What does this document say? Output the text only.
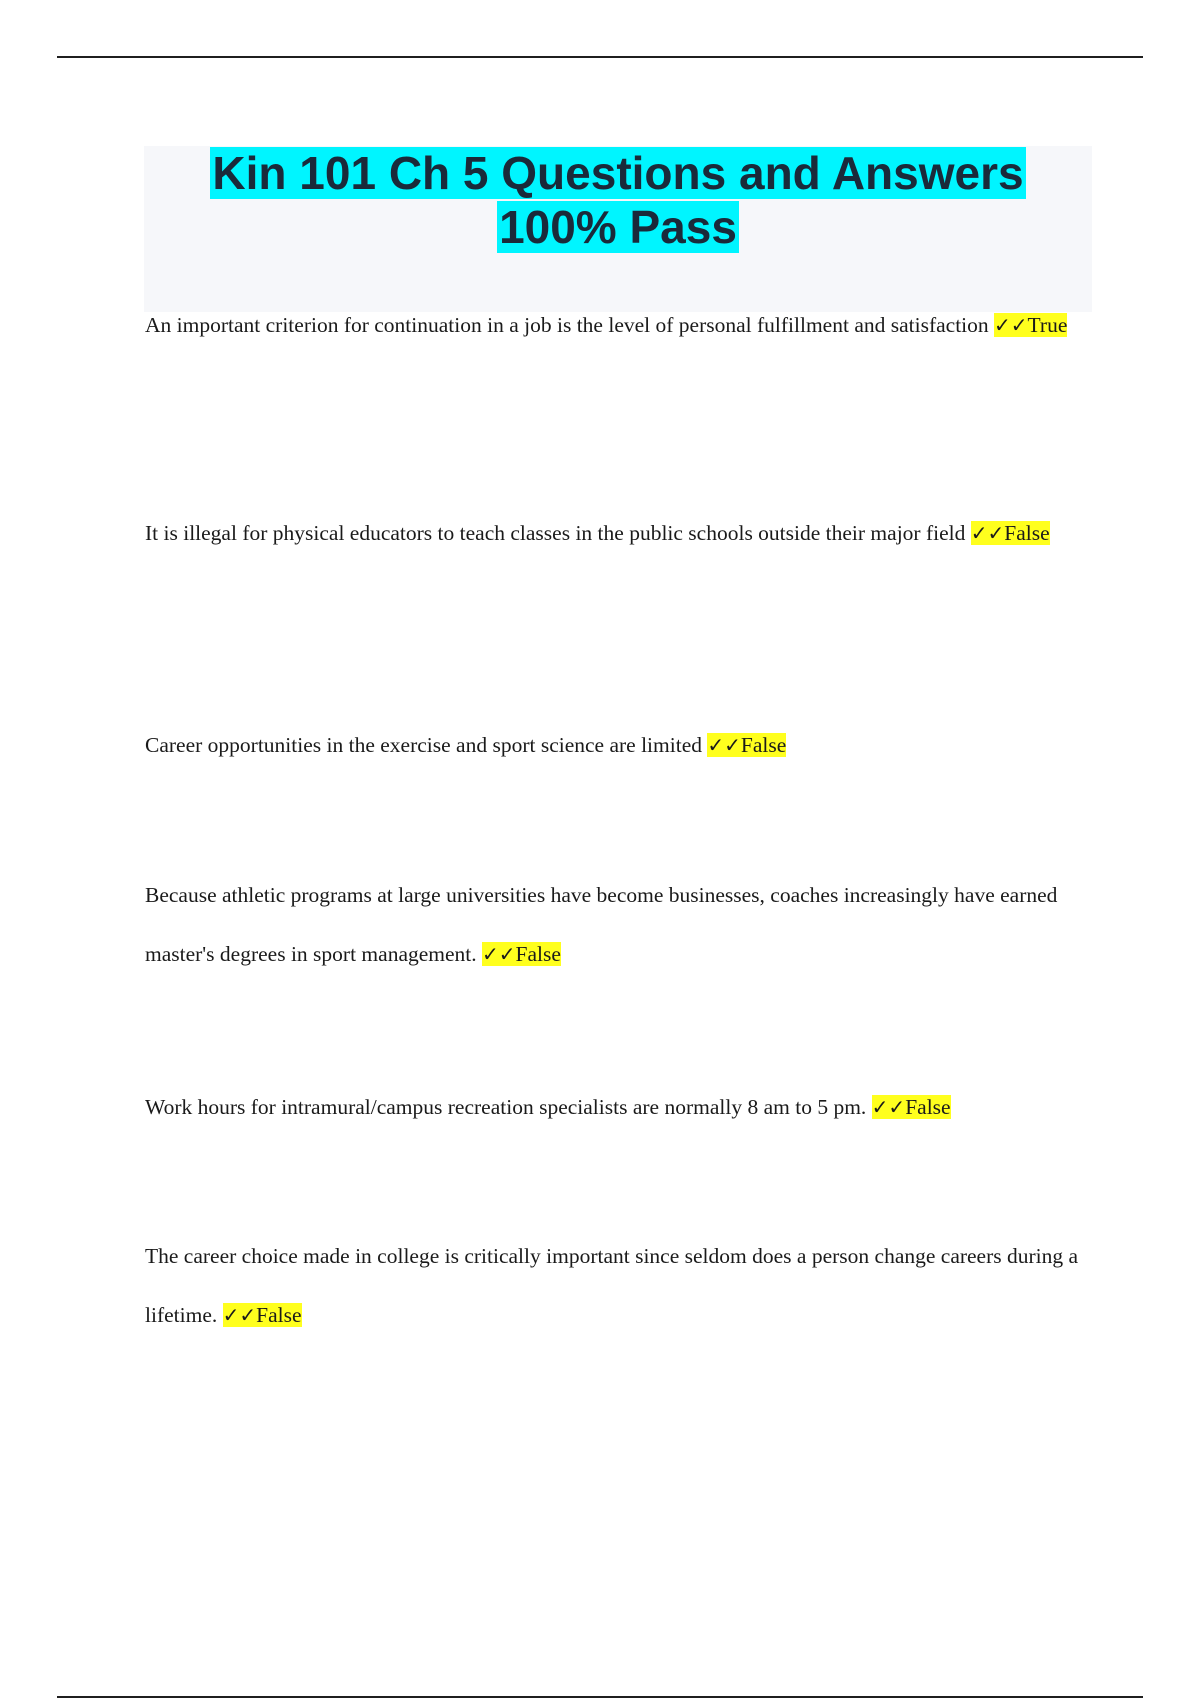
Kin 101 Ch 5 Questions and Answers
100% Pass

An important criterion for continuation in a job is the level of personal fulfillment and satisfaction ✓✓True

It is illegal for physical educators to teach classes in the public schools outside their major field ✓✓False

Career opportunities in the exercise and sport science are limited ✓✓False

Because athletic programs at large universities have become businesses, coaches increasingly have earned master's degrees in sport management. ✓✓False

Work hours for intramural/campus recreation specialists are normally 8 am to 5 pm. ✓✓False

The career choice made in college is critically important since seldom does a person change careers during a lifetime. ✓✓False
